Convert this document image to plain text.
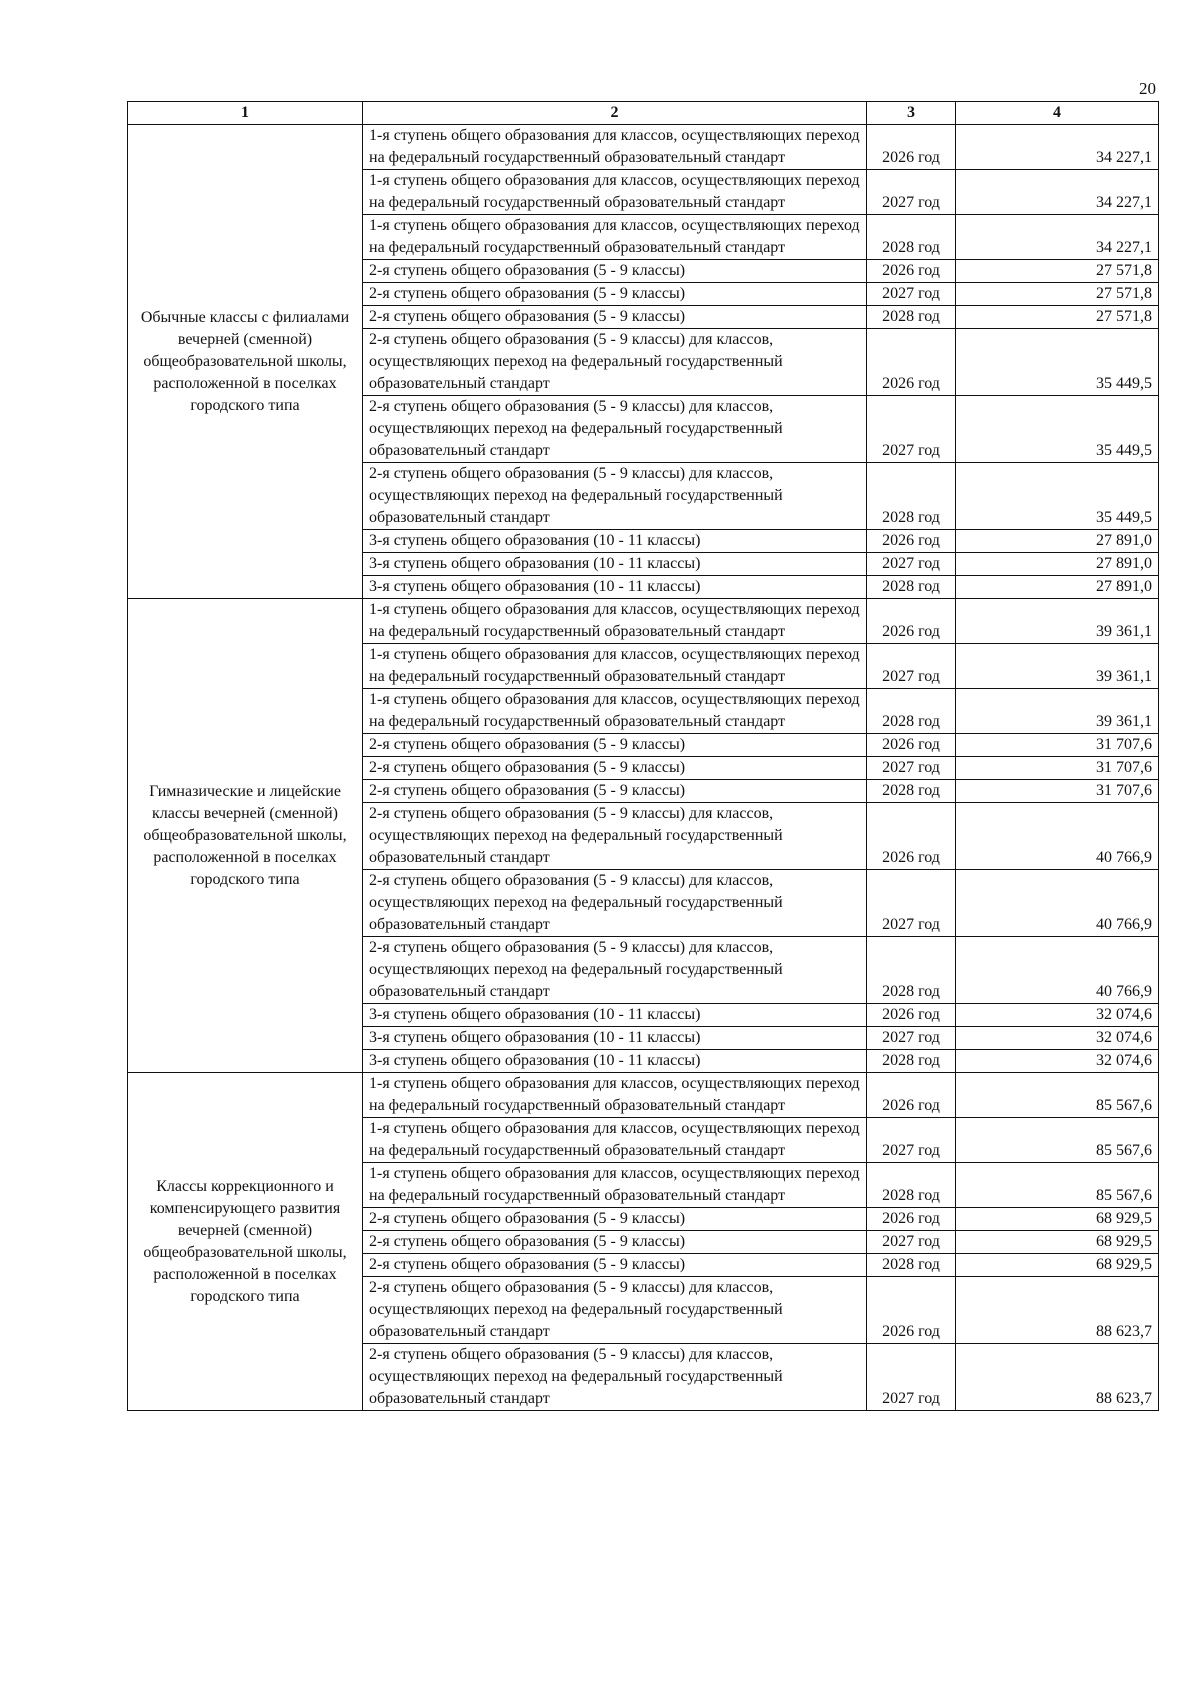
20
1	2	3	4
Обычные классы с филиалами вечерней (сменной) общеобразовательной школы, расположенной в поселках городского типа	1-я ступень общего образования для классов, осуществляющих переход на федеральный государственный образовательный стандарт	2026 год	34 227,1
	1-я ступень общего образования для классов, осуществляющих переход на федеральный государственный образовательный стандарт	2027 год	34 227,1
	1-я ступень общего образования для классов, осуществляющих переход на федеральный государственный образовательный стандарт	2028 год	34 227,1
	2-я ступень общего образования (5 - 9 классы)	2026 год	27 571,8
	2-я ступень общего образования (5 - 9 классы)	2027 год	27 571,8
	2-я ступень общего образования (5 - 9 классы)	2028 год	27 571,8
	2-я ступень общего образования (5 - 9 классы) для классов, осуществляющих переход на федеральный государственный образовательный стандарт	2026 год	35 449,5
	2-я ступень общего образования (5 - 9 классы) для классов, осуществляющих переход на федеральный государственный образовательный стандарт	2027 год	35 449,5
	2-я ступень общего образования (5 - 9 классы) для классов, осуществляющих переход на федеральный государственный образовательный стандарт	2028 год	35 449,5
	3-я ступень общего образования (10 - 11 классы)	2026 год	27 891,0
	3-я ступень общего образования (10 - 11 классы)	2027 год	27 891,0
	3-я ступень общего образования (10 - 11 классы)	2028 год	27 891,0
Гимназические и лицейские классы вечерней (сменной) общеобразовательной школы, расположенной в поселках городского типа	1-я ступень общего образования для классов, осуществляющих переход на федеральный государственный образовательный стандарт	2026 год	39 361,1
	1-я ступень общего образования для классов, осуществляющих переход на федеральный государственный образовательный стандарт	2027 год	39 361,1
	1-я ступень общего образования для классов, осуществляющих переход на федеральный государственный образовательный стандарт	2028 год	39 361,1
	2-я ступень общего образования (5 - 9 классы)	2026 год	31 707,6
	2-я ступень общего образования (5 - 9 классы)	2027 год	31 707,6
	2-я ступень общего образования (5 - 9 классы)	2028 год	31 707,6
	2-я ступень общего образования (5 - 9 классы) для классов, осуществляющих переход на федеральный государственный образовательный стандарт	2026 год	40 766,9
	2-я ступень общего образования (5 - 9 классы) для классов, осуществляющих переход на федеральный государственный образовательный стандарт	2027 год	40 766,9
	2-я ступень общего образования (5 - 9 классы) для классов, осуществляющих переход на федеральный государственный образовательный стандарт	2028 год	40 766,9
	3-я ступень общего образования (10 - 11 классы)	2026 год	32 074,6
	3-я ступень общего образования (10 - 11 классы)	2027 год	32 074,6
	3-я ступень общего образования (10 - 11 классы)	2028 год	32 074,6
Классы коррекционного и компенсирующего развития вечерней (сменной) общеобразовательной школы, расположенной в поселках городского типа	1-я ступень общего образования для классов, осуществляющих переход на федеральный государственный образовательный стандарт	2026 год	85 567,6
	1-я ступень общего образования для классов, осуществляющих переход на федеральный государственный образовательный стандарт	2027 год	85 567,6
	1-я ступень общего образования для классов, осуществляющих переход на федеральный государственный образовательный стандарт	2028 год	85 567,6
	2-я ступень общего образования (5 - 9 классы)	2026 год	68 929,5
	2-я ступень общего образования (5 - 9 классы)	2027 год	68 929,5
	2-я ступень общего образования (5 - 9 классы)	2028 год	68 929,5
	2-я ступень общего образования (5 - 9 классы) для классов, осуществляющих переход на федеральный государственный образовательный стандарт	2026 год	88 623,7
	2-я ступень общего образования (5 - 9 классы) для классов, осуществляющих переход на федеральный государственный образовательный стандарт	2027 год	88 623,7
